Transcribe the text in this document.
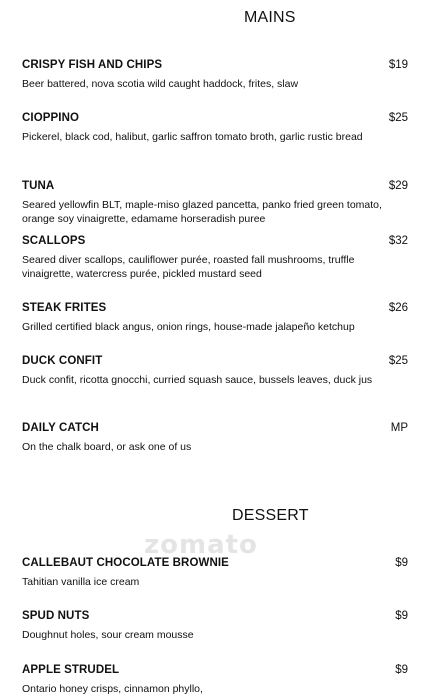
MAINS
CRISPY FISH AND CHIPS	$19
Beer battered, nova scotia wild caught haddock, frites, slaw
CIOPPINO	$25
Pickerel, black cod, halibut, garlic saffron tomato broth, garlic rustic bread
TUNA	$29
Seared yellowfin BLT, maple-miso glazed pancetta, panko fried green tomato, orange soy vinaigrette, edamame horseradish puree
SCALLOPS	$32
Seared diver scallops, cauliflower purée, roasted fall mushrooms, truffle vinaigrette, watercress purée, pickled mustard seed
STEAK FRITES	$26
Grilled certified black angus, onion rings, house-made jalapeño ketchup
DUCK CONFIT	$25
Duck confit, ricotta gnocchi, curried squash sauce, bussels leaves, duck jus
DAILY CATCH	MP
On the chalk board, or ask one of us
DESSERT
zomato
CALLEBAUT CHOCOLATE BROWNIE	$9
Tahitian vanilla ice cream
SPUD NUTS	$9
Doughnut holes, sour cream mousse
APPLE STRUDEL	$9
Ontario honey crisps, cinnamon phyllo,
